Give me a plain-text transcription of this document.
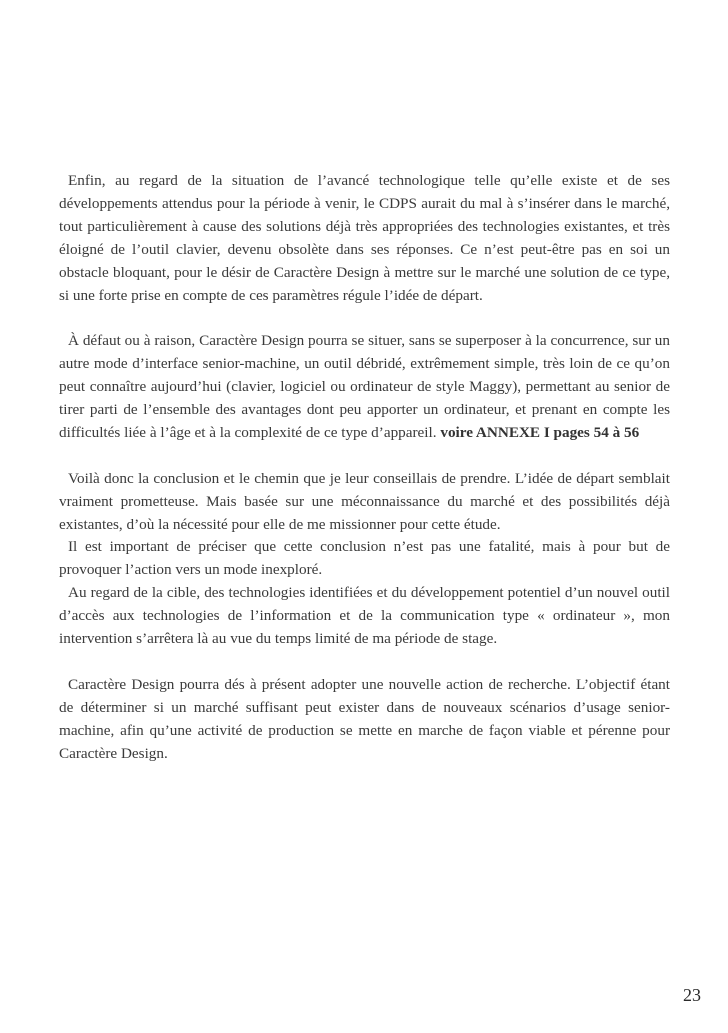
Enfin, au regard de la situation de l’avancé technologique telle qu’elle existe et de ses développements attendus pour la période à venir, le CDPS aurait du mal à s’insérer dans le marché, tout particulièrement à cause des solutions déjà très appropriées des technologies existantes, et très éloigné de l’outil clavier, devenu obsolète dans ses réponses. Ce n’est peut-être pas en soi un obstacle bloquant, pour le désir de Caractère Design à mettre sur le marché une solution de ce type, si une forte prise en compte de ces paramètres régule l’idée de départ.

À défaut ou à raison, Caractère Design pourra se situer, sans se superposer à la concurrence, sur un autre mode d’interface senior-machine, un outil débridé, extrêmement simple, très loin de ce qu’on peut connaître aujourd’hui (clavier, logiciel ou ordinateur de style Maggy), permettant au senior de tirer parti de l’ensemble des avantages dont peu apporter un ordinateur, et prenant en compte les difficultés liée à l’âge et à la complexité de ce type d’appareil. voire ANNEXE I pages 54 à 56

Voilà donc la conclusion et le chemin que je leur conseillais de prendre. L’idée de départ semblait vraiment prometteuse. Mais basée sur une méconnaissance du marché et des possibilités déjà existantes, d’où la nécessité pour elle de me missionner pour cette étude.

Il est important de préciser que cette conclusion n’est pas une fatalité, mais à pour but de provoquer l’action vers un mode inexploré.

Au regard de la cible, des technologies identifiées et du développement potentiel d’un nouvel outil d’accès aux technologies de l’information et de la communication type « ordinateur », mon intervention s’arrêtera là au vue du temps limité de ma période de stage.

Caractère Design pourra dés à présent adopter une nouvelle action de recherche. L’objectif étant de déterminer si un marché suffisant peut exister dans de nouveaux scénarios d’usage senior-machine, afin qu’une activité de production se mette en marche de façon viable et pérenne pour Caractère Design.

23
